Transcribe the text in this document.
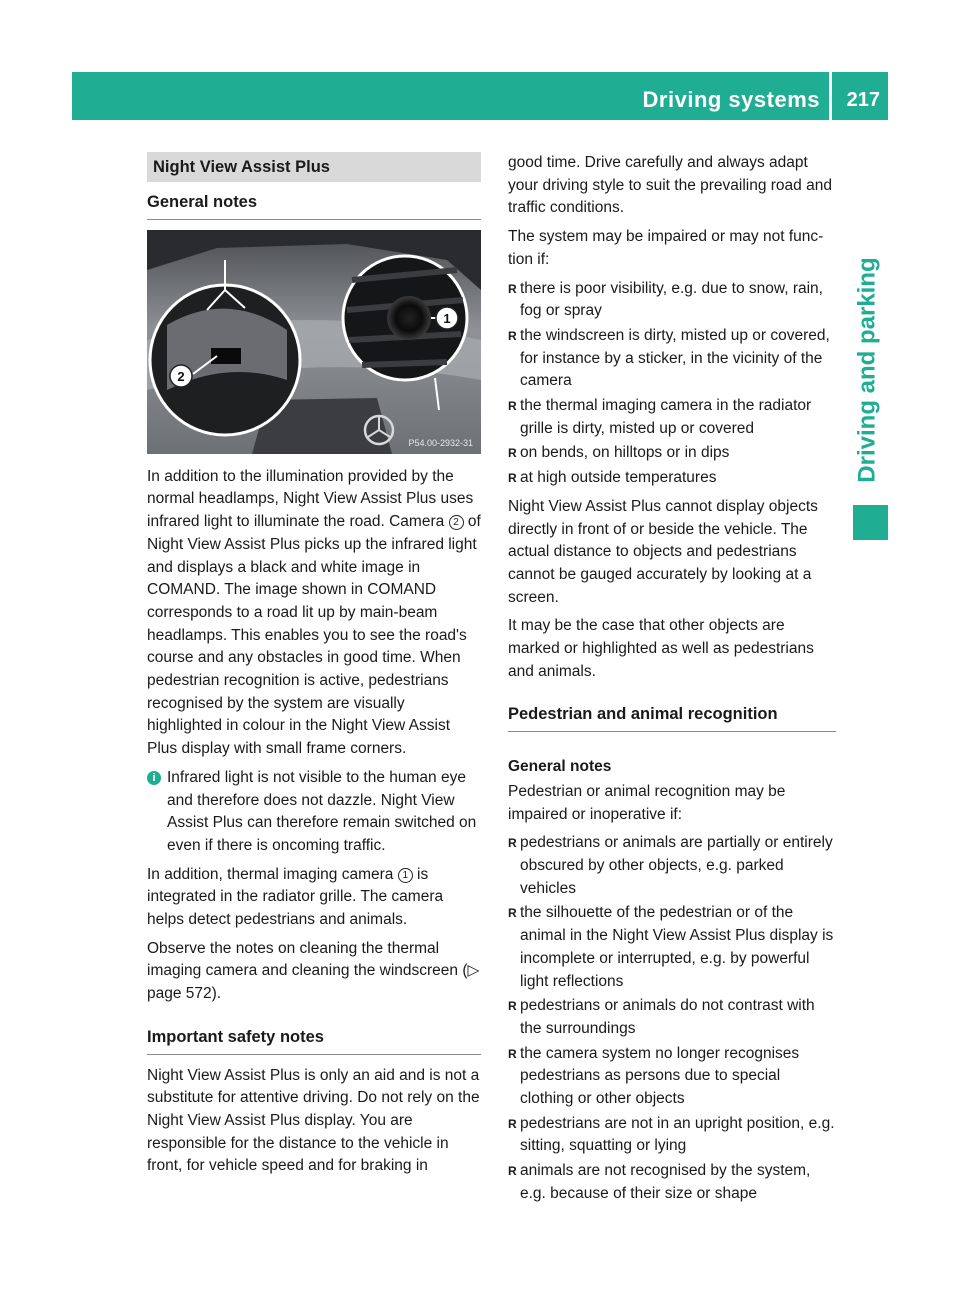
Driving systems 217
Driving and parking
Night View Assist Plus
General notes
1
2
P54.00-2932-31

In addition to the illumination provided by the normal headlamps, Night View Assist Plus uses infrared light to illuminate the road. Camera 2 of Night View Assist Plus picks up the infrared light and displays a black and white image in COMAND. The image shown in COMAND corresponds to a road lit up by main-beam headlamps. This enables you to see the road's course and any obstacles in good time. When pedestrian recognition is active, pedestrians recognised by the system are visually highlighted in colour in the Night View Assist Plus display with small frame corners.

i Infrared light is not visible to the human eye and therefore does not dazzle. Night View Assist Plus can therefore remain switched on even if there is oncoming traffic.

In addition, thermal imaging camera 1 is integrated in the radiator grille. The camera helps detect pedestrians and animals.

Observe the notes on cleaning the thermal imaging camera and cleaning the windscreen (▷ page 572).

Important safety notes

Night View Assist Plus is only an aid and is not a substitute for attentive driving. Do not rely on the Night View Assist Plus display. You are responsible for the distance to the vehicle in front, for vehicle speed and for braking in

good time. Drive carefully and always adapt your driving style to suit the prevailing road and traffic conditions.

The system may be impaired or may not function if:

R there is poor visibility, e.g. due to snow, rain, fog or spray
R the windscreen is dirty, misted up or covered, for instance by a sticker, in the vicinity of the camera
R the thermal imaging camera in the radiator grille is dirty, misted up or covered
R on bends, on hilltops or in dips
R at high outside temperatures

Night View Assist Plus cannot display objects directly in front of or beside the vehicle. The actual distance to objects and pedestrians cannot be gauged accurately by looking at a screen.

It may be the case that other objects are marked or highlighted as well as pedestrians and animals.

Pedestrian and animal recognition
General notes

Pedestrian or animal recognition may be impaired or inoperative if:

R pedestrians or animals are partially or entirely obscured by other objects, e.g. parked vehicles
R the silhouette of the pedestrian or of the animal in the Night View Assist Plus display is incomplete or interrupted, e.g. by powerful light reflections
R pedestrians or animals do not contrast with the surroundings
R the camera system no longer recognises pedestrians as persons due to special clothing or other objects
R pedestrians are not in an upright position, e.g. sitting, squatting or lying
R animals are not recognised by the system, e.g. because of their size or shape
